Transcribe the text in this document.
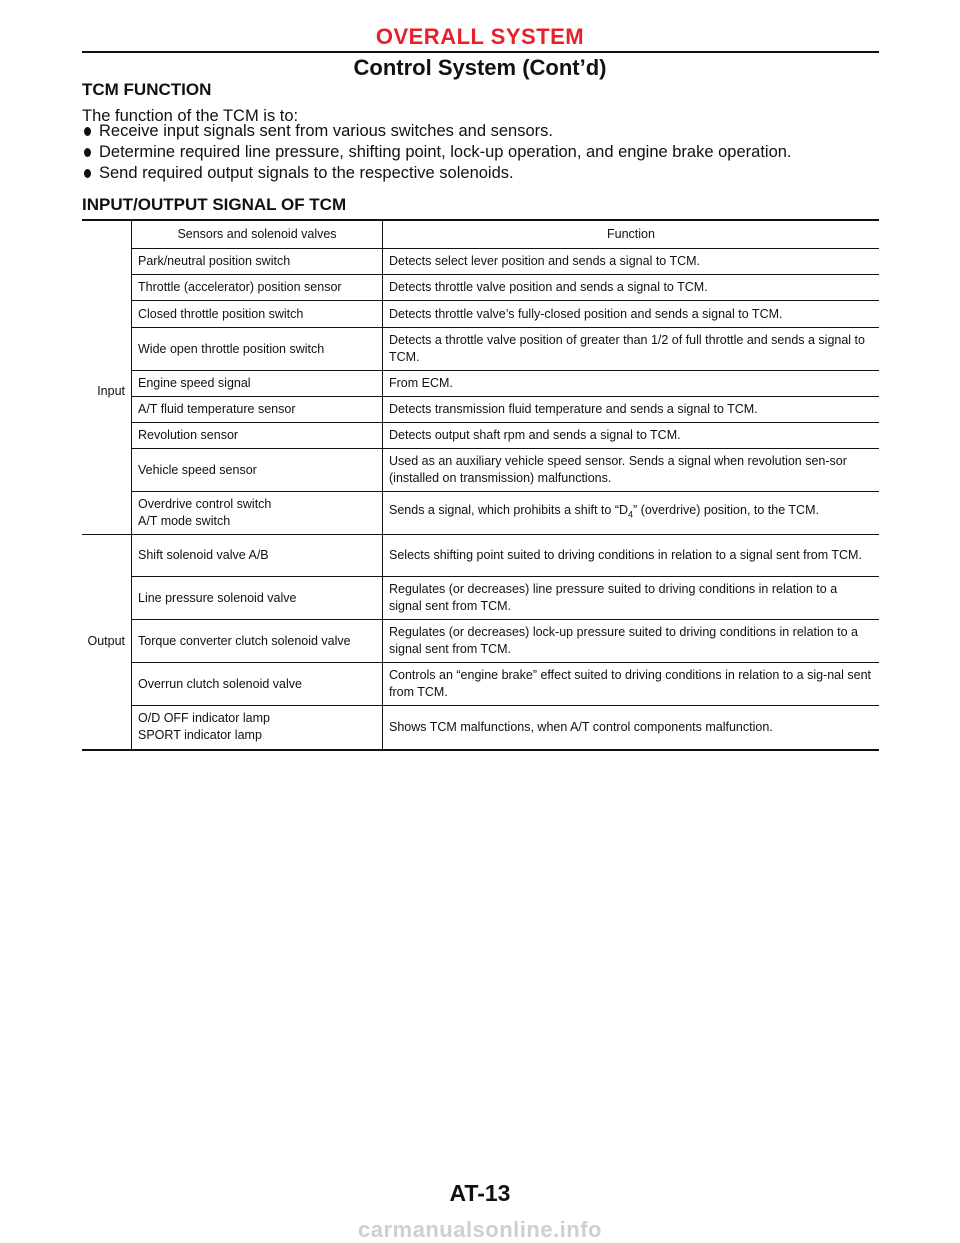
OVERALL SYSTEM
Control System (Cont’d)
TCM FUNCTION
The function of the TCM is to:
Receive input signals sent from various switches and sensors.
Determine required line pressure, shifting point, lock-up operation, and engine brake operation.
Send required output signals to the respective solenoids.
INPUT/OUTPUT SIGNAL OF TCM
	Sensors and solenoid valves	Function
Input	Park/neutral position switch	Detects select lever position and sends a signal to TCM.
	Throttle (accelerator) position sensor	Detects throttle valve position and sends a signal to TCM.
	Closed throttle position switch	Detects throttle valve’s fully-closed position and sends a signal to TCM.
	Wide open throttle position switch	Detects a throttle valve position of greater than 1/2 of full throttle and sends a signal to TCM.
	Engine speed signal	From ECM.
	A/T fluid temperature sensor	Detects transmission fluid temperature and sends a signal to TCM.
	Revolution sensor	Detects output shaft rpm and sends a signal to TCM.
	Vehicle speed sensor	Used as an auxiliary vehicle speed sensor. Sends a signal when revolution sen-sor (installed on transmission) malfunctions.
	Overdrive control switch
A/T mode switch	Sends a signal, which prohibits a shift to “$D_4$” (overdrive) position, to the TCM.
Output	Shift solenoid valve A/B	Selects shifting point suited to driving conditions in relation to a signal sent from TCM.
	Line pressure solenoid valve	Regulates (or decreases) line pressure suited to driving conditions in relation to a signal sent from TCM.
	Torque converter clutch solenoid valve	Regulates (or decreases) lock-up pressure suited to driving conditions in relation to a signal sent from TCM.
	Overrun clutch solenoid valve	Controls an “engine brake” effect suited to driving conditions in relation to a sig-nal sent from TCM.
	O/D OFF indicator lamp
SPORT indicator lamp	Shows TCM malfunctions, when A/T control components malfunction.
AT-13
carmanualsonline.info
